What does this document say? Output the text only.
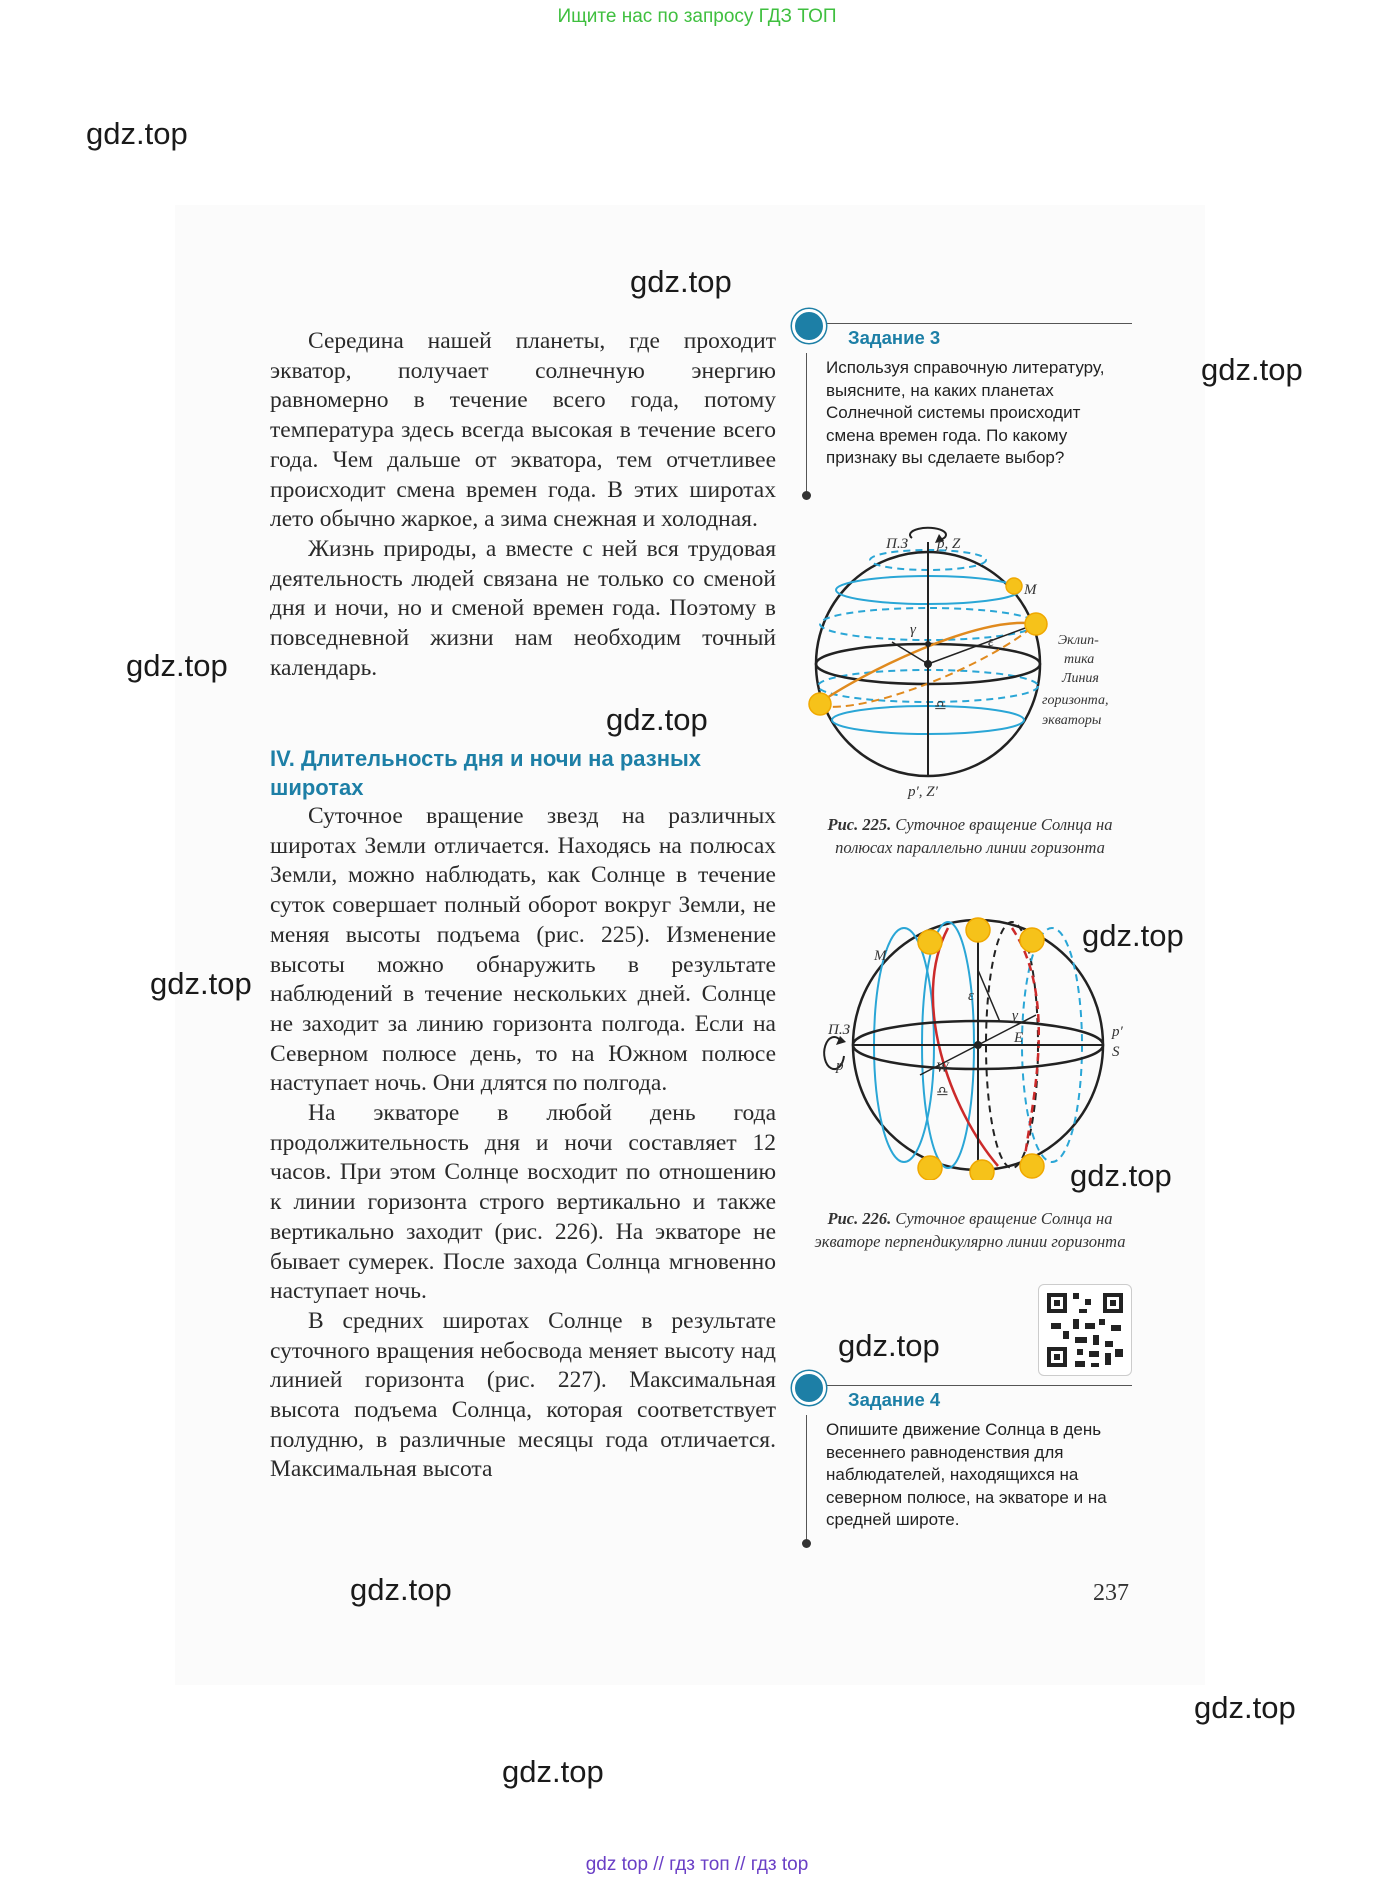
Ищите нас по запросу ГДЗ ТОП
gdz.top
gdz.top
gdz.top
gdz.top
gdz.top
gdz.top
gdz.top
gdz.top
gdz.top
gdz.top
gdz.top
gdz.top

Середина нашей планеты, где проходит экватор, получает солнечную энергию равномерно в течение всего года, потому температура здесь всегда высокая в течение всего года. Чем дальше от экватора, тем отчетливее происходит смена времен года. В этих широтах лето обычно жаркое, а зима снежная и холодная.

Жизнь природы, а вместе с ней вся трудовая деятельность людей связана не только со сменой дня и ночи, но и сменой времен года. Поэтому в повседневной жизни нам необходим точный календарь.

IV. Длительность дня и ночи на разных широтах

Суточное вращение звезд на различных широтах Земли отличается. Находясь на полюсах Земли, можно наблюдать, как Солнце в течение суток совершает полный оборот вокруг Земли, не меняя высоты подъема (рис. 225). Изменение высоты можно обнаружить в результате наблюдений в течение нескольких дней. Солнце не заходит за линию горизонта полгода. Если на Северном полюсе день, то на Южном полюсе наступает ночь. Они длятся по полгода.

На экваторе в любой день года продолжительность дня и ночи составляет 12 часов. При этом Солнце восходит по отношению к линии горизонта строго вертикально и также вертикально заходит (рис. 226). На экваторе не бывает сумерек. После захода Солнца мгновенно наступает ночь.

В средних широтах Солнце в результате суточного вращения небосвода меняет высоту над линией горизонта (рис. 227). Максимальная высота подъема Солнца, которая соответствует полудню, в различные месяцы года отличается. Максимальная высота

Задание 3
Используя справочную литературу, выясните, на каких планетах Солнечной системы происходит смена времен года. По какому признаку вы сделаете выбор?
p, Z
П.З
M
γ
ε
♎
p′, Z′
Эклип-
тика
Линия
горизонта,
экваторы
Рис. 225. Суточное вращение Солнца на полюсах параллельно линии горизонта
M
П.З
p
ε
γ
E
W
p′
S
♎
Рис. 226. Суточное вращение Солнца на экваторе перпендикулярно линии горизонта
Задание 4
Опишите движение Солнца в день весеннего равноденствия для наблюдателей, находящихся на северном полюсе, на экваторе и на средней широте.
237
gdz top // гдз топ // гдз top
